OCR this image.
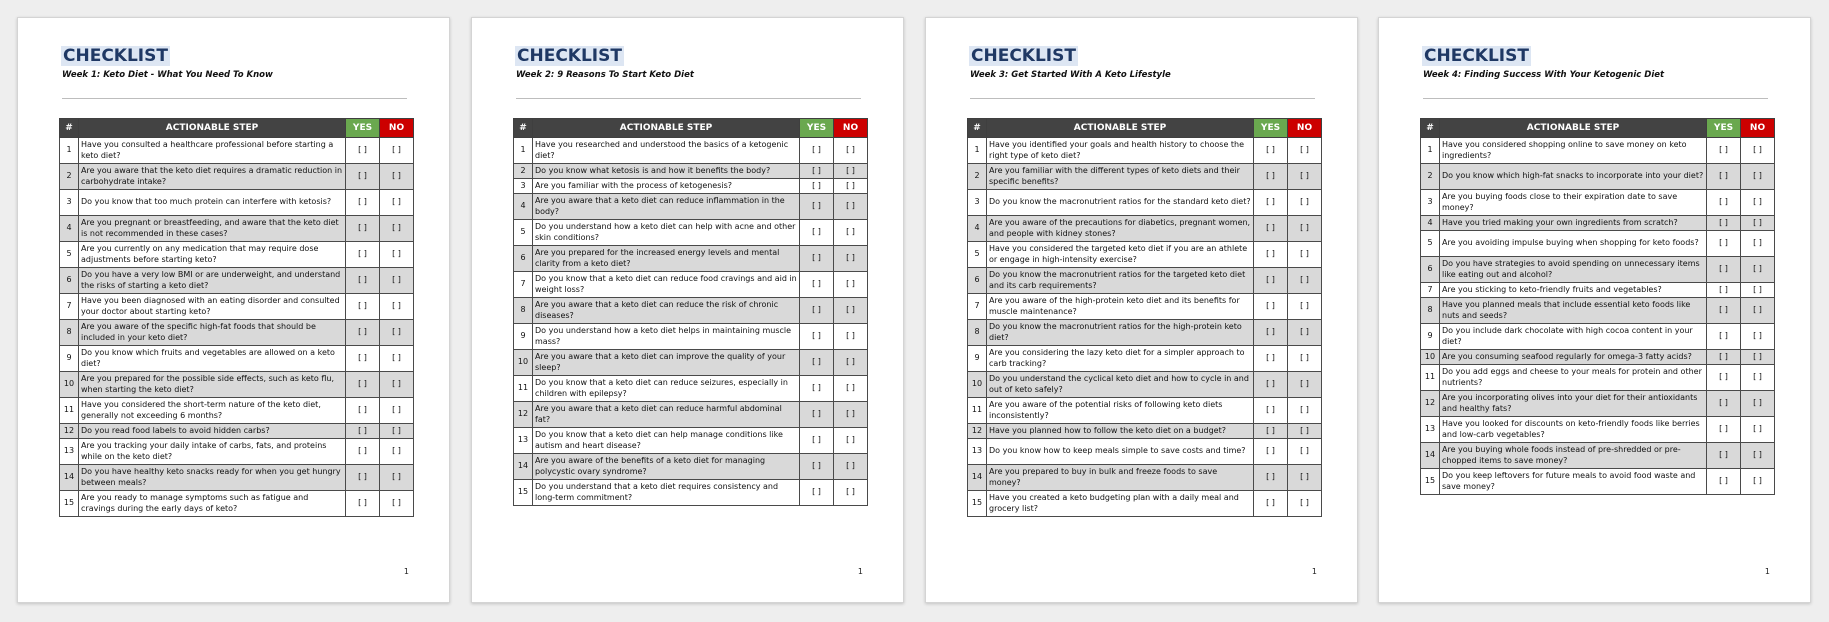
CHECKLIST
Week 1: Keto Diet - What You Need To Know
#	ACTIONABLE STEP	YES	NO
1	Have you consulted a healthcare professional before starting a keto diet?	[ ]	[ ]
2	Are you aware that the keto diet requires a dramatic reduction in carbohydrate intake?	[ ]	[ ]
3	Do you know that too much protein can interfere with ketosis?	[ ]	[ ]
4	Are you pregnant or breastfeeding, and aware that the keto diet is not recommended in these cases?	[ ]	[ ]
5	Are you currently on any medication that may require dose adjustments before starting keto?	[ ]	[ ]
6	Do you have a very low BMI or are underweight, and understand the risks of starting a keto diet?	[ ]	[ ]
7	Have you been diagnosed with an eating disorder and consulted your doctor about starting keto?	[ ]	[ ]
8	Are you aware of the specific high-fat foods that should be included in your keto diet?	[ ]	[ ]
9	Do you know which fruits and vegetables are allowed on a keto diet?	[ ]	[ ]
10	Are you prepared for the possible side effects, such as keto flu, when starting the keto diet?	[ ]	[ ]
11	Have you considered the short-term nature of the keto diet, generally not exceeding 6 months?	[ ]	[ ]
12	Do you read food labels to avoid hidden carbs?	[ ]	[ ]
13	Are you tracking your daily intake of carbs, fats, and proteins while on the keto diet?	[ ]	[ ]
14	Do you have healthy keto snacks ready for when you get hungry between meals?	[ ]	[ ]
15	Are you ready to manage symptoms such as fatigue and cravings during the early days of keto?	[ ]	[ ]
1
CHECKLIST
Week 2: 9 Reasons To Start Keto Diet
#	ACTIONABLE STEP	YES	NO
1	Have you researched and understood the basics of a ketogenic diet?	[ ]	[ ]
2	Do you know what ketosis is and how it benefits the body?	[ ]	[ ]
3	Are you familiar with the process of ketogenesis?	[ ]	[ ]
4	Are you aware that a keto diet can reduce inflammation in the body?	[ ]	[ ]
5	Do you understand how a keto diet can help with acne and other skin conditions?	[ ]	[ ]
6	Are you prepared for the increased energy levels and mental clarity from a keto diet?	[ ]	[ ]
7	Do you know that a keto diet can reduce food cravings and aid in weight loss?	[ ]	[ ]
8	Are you aware that a keto diet can reduce the risk of chronic diseases?	[ ]	[ ]
9	Do you understand how a keto diet helps in maintaining muscle mass?	[ ]	[ ]
10	Are you aware that a keto diet can improve the quality of your sleep?	[ ]	[ ]
11	Do you know that a keto diet can reduce seizures, especially in children with epilepsy?	[ ]	[ ]
12	Are you aware that a keto diet can reduce harmful abdominal fat?	[ ]	[ ]
13	Do you know that a keto diet can help manage conditions like autism and heart disease?	[ ]	[ ]
14	Are you aware of the benefits of a keto diet for managing polycystic ovary syndrome?	[ ]	[ ]
15	Do you understand that a keto diet requires consistency and long-term commitment?	[ ]	[ ]
1
CHECKLIST
Week 3: Get Started With A Keto Lifestyle
#	ACTIONABLE STEP	YES	NO
1	Have you identified your goals and health history to choose the right type of keto diet?	[ ]	[ ]
2	Are you familiar with the different types of keto diets and their specific benefits?	[ ]	[ ]
3	Do you know the macronutrient ratios for the standard keto diet?	[ ]	[ ]
4	Are you aware of the precautions for diabetics, pregnant women, and people with kidney stones?	[ ]	[ ]
5	Have you considered the targeted keto diet if you are an athlete or engage in high-intensity exercise?	[ ]	[ ]
6	Do you know the macronutrient ratios for the targeted keto diet and its carb requirements?	[ ]	[ ]
7	Are you aware of the high-protein keto diet and its benefits for muscle maintenance?	[ ]	[ ]
8	Do you know the macronutrient ratios for the high-protein keto diet?	[ ]	[ ]
9	Are you considering the lazy keto diet for a simpler approach to carb tracking?	[ ]	[ ]
10	Do you understand the cyclical keto diet and how to cycle in and out of keto safely?	[ ]	[ ]
11	Are you aware of the potential risks of following keto diets inconsistently?	[ ]	[ ]
12	Have you planned how to follow the keto diet on a budget?	[ ]	[ ]
13	Do you know how to keep meals simple to save costs and time?	[ ]	[ ]
14	Are you prepared to buy in bulk and freeze foods to save money?	[ ]	[ ]
15	Have you created a keto budgeting plan with a daily meal and grocery list?	[ ]	[ ]
1
CHECKLIST
Week 4: Finding Success With Your Ketogenic Diet
#	ACTIONABLE STEP	YES	NO
1	Have you considered shopping online to save money on keto ingredients?	[ ]	[ ]
2	Do you know which high-fat snacks to incorporate into your diet?	[ ]	[ ]
3	Are you buying foods close to their expiration date to save money?	[ ]	[ ]
4	Have you tried making your own ingredients from scratch?	[ ]	[ ]
5	Are you avoiding impulse buying when shopping for keto foods?	[ ]	[ ]
6	Do you have strategies to avoid spending on unnecessary items like eating out and alcohol?	[ ]	[ ]
7	Are you sticking to keto-friendly fruits and vegetables?	[ ]	[ ]
8	Have you planned meals that include essential keto foods like nuts and seeds?	[ ]	[ ]
9	Do you include dark chocolate with high cocoa content in your diet?	[ ]	[ ]
10	Are you consuming seafood regularly for omega-3 fatty acids?	[ ]	[ ]
11	Do you add eggs and cheese to your meals for protein and other nutrients?	[ ]	[ ]
12	Are you incorporating olives into your diet for their antioxidants and healthy fats?	[ ]	[ ]
13	Have you looked for discounts on keto-friendly foods like berries and low-carb vegetables?	[ ]	[ ]
14	Are you buying whole foods instead of pre-shredded or pre-chopped items to save money?	[ ]	[ ]
15	Do you keep leftovers for future meals to avoid food waste and save money?	[ ]	[ ]
1
